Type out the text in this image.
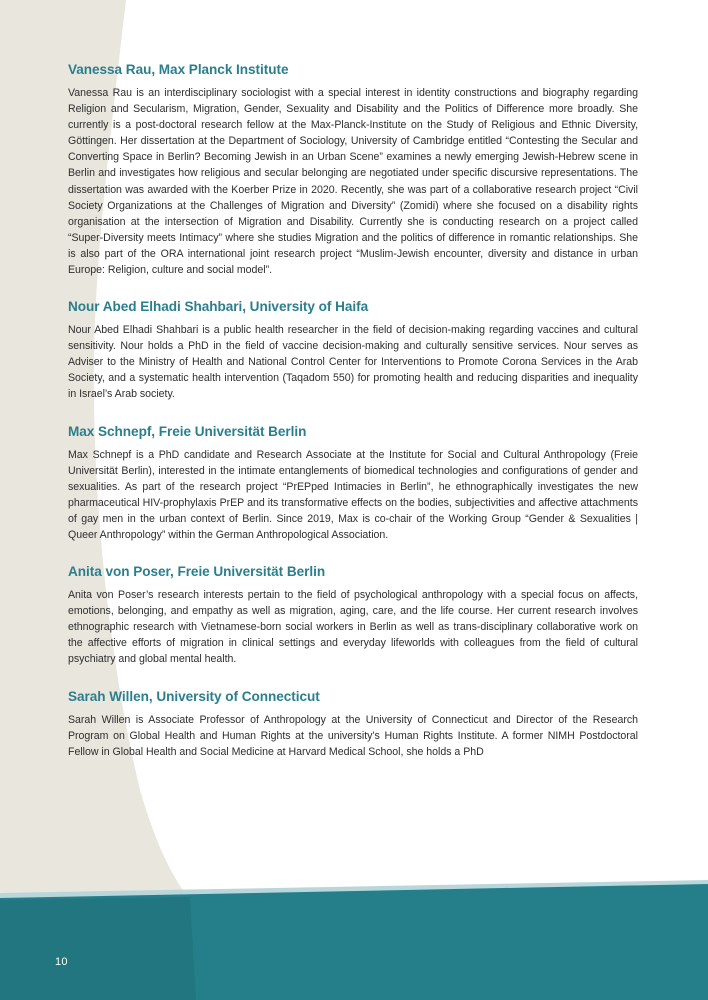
Vanessa Rau, Max Planck Institute

Vanessa Rau is an interdisciplinary sociologist with a special interest in identity constructions and biography regarding Religion and Secularism, Migration, Gender, Sexuality and Disability and the Politics of Difference more broadly. She currently is a post-doctoral research fellow at the Max-Planck-Institute on the Study of Religious and Ethnic Diversity, Göttingen. Her dissertation at the Department of Sociology, University of Cambridge entitled “Contesting the Secular and Converting Space in Berlin? Becoming Jewish in an Urban Scene” examines a newly emerging Jewish-Hebrew scene in Berlin and investigates how religious and secular belonging are negotiated under specific discursive representations. The dissertation was awarded with the Koerber Prize in 2020. Recently, she was part of a collaborative research project “Civil Society Organizations at the Challenges of Migration and Diversity” (Zomidi) where she focused on a disability rights organisation at the intersection of Migration and Disability. Currently she is conducting research on a project called “Super-Diversity meets Intimacy” where she studies Migration and the politics of difference in romantic relationships. She is also part of the ORA international joint research project “Muslim-Jewish encounter, diversity and distance in urban Europe: Religion, culture and social model”.

Nour Abed Elhadi Shahbari, University of Haifa

Nour Abed Elhadi Shahbari is a public health researcher in the field of decision-making regarding vaccines and cultural sensitivity. Nour holds a PhD in the field of vaccine decision-making and culturally sensitive services. Nour serves as Adviser to the Ministry of Health and National Control Center for Interventions to Promote Corona Services in the Arab Society, and a systematic health intervention (Taqadom 550) for promoting health and reducing disparities and inequality in Israel’s Arab society.

Max Schnepf, Freie Universität Berlin

Max Schnepf is a PhD candidate and Research Associate at the Institute for Social and Cultural Anthropology (Freie Universität Berlin), interested in the intimate entanglements of biomedical technologies and configurations of gender and sexualities. As part of the research project “PrEPped Intimacies in Berlin”, he ethnographically investigates the new pharmaceutical HIV-prophylaxis PrEP and its transformative effects on the bodies, subjectivities and affective attachments of gay men in the urban context of Berlin. Since 2019, Max is co-chair of the Working Group “Gender & Sexualities | Queer Anthropology” within the German Anthropological Association.

Anita von Poser, Freie Universität Berlin

Anita von Poser’s research interests pertain to the field of psychological anthropology with a special focus on affects, emotions, belonging, and empathy as well as migration, aging, care, and the life course. Her current research involves ethnographic research with Vietnamese-born social workers in Berlin as well as trans-disciplinary collaborative work on the affective efforts of migration in clinical settings and everyday lifeworlds with colleagues from the field of cultural psychiatry and global mental health.

Sarah Willen, University of Connecticut

Sarah Willen is Associate Professor of Anthropology at the University of Connecticut and Director of the Research Program on Global Health and Human Rights at the university’s Human Rights Institute. A former NIMH Postdoctoral Fellow in Global Health and Social Medicine at Harvard Medical School, she holds a PhD

10
